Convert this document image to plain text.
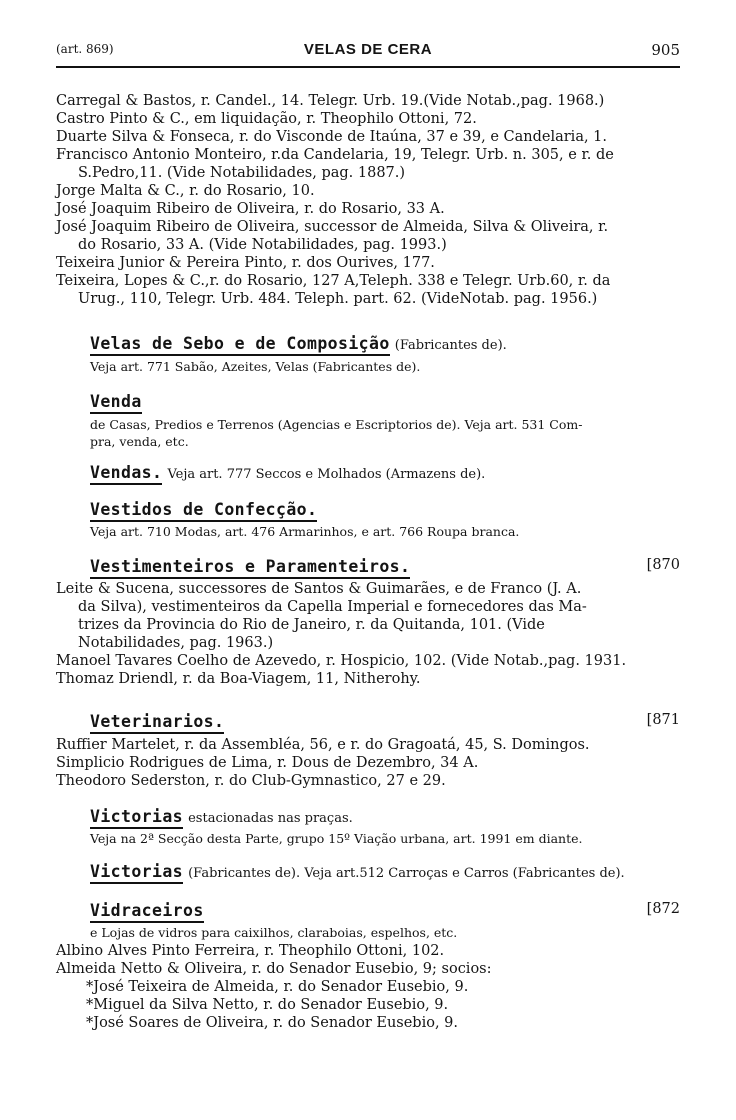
(art. 869)	VELAS DE CERA	905
Carregal & Bastos, r. Candel., 14. Telegr. Urb. 19.(Vide Notab.,pag. 1968.)
Castro Pinto & C., em liquidação, r. Theophilo Ottoni, 72.
Duarte Silva & Fonseca, r. do Visconde de Itaúna, 37 e 39, e Candelaria, 1.
Francisco Antonio Monteiro, r.da Candelaria, 19, Telegr. Urb. n. 305, e r. de
S.Pedro,11. (Vide Notabilidades, pag. 1887.)
Jorge Malta & C., r. do Rosario, 10.
José Joaquim Ribeiro de Oliveira, r. do Rosario, 33 A.
José Joaquim Ribeiro de Oliveira, successor de Almeida, Silva & Oliveira, r.
do Rosario, 33 A. (Vide Notabilidades, pag. 1993.)
Teixeira Junior & Pereira Pinto, r. dos Ourives, 177.
Teixeira, Lopes & C.,r. do Rosario, 127 A,Teleph. 338 e Telegr. Urb.60, r. da
Urug., 110, Telegr. Urb. 484. Teleph. part. 62. (VideNotab. pag. 1956.)
Velas de Sebo e de Composição (Fabricantes de).
Veja art. 771 Sabão, Azeites, Velas (Fabricantes de).
Venda
de Casas, Predios e Terrenos (Agencias e Escriptorios de). Veja art. 531 Com-
pra, venda, etc.
Vendas. Veja art. 777 Seccos e Molhados (Armazens de).
Vestidos de Confecção.
Veja art. 710 Modas, art. 476 Armarinhos, e art. 766 Roupa branca.
Vestimenteiros e Paramenteiros.	[870
Leite & Sucena, successores de Santos & Guimarães, e de Franco (J. A.
da Silva), vestimenteiros da Capella Imperial e fornecedores das Ma-
trizes da Provincia do Rio de Janeiro, r. da Quitanda, 101. (Vide
Notabilidades, pag. 1963.)
Manoel Tavares Coelho de Azevedo, r. Hospicio, 102. (Vide Notab.,pag. 1931.
Thomaz Driendl, r. da Boa-Viagem, 11, Nitherohy.
Veterinarios.	[871
Ruffier Martelet, r. da Assembléa, 56, e r. do Gragoatá, 45, S. Domingos.
Simplicio Rodrigues de Lima, r. Dous de Dezembro, 34 A.
Theodoro Sederston, r. do Club-Gymnastico, 27 e 29.
Victorias estacionadas nas praças.
Veja na 2ª Secção desta Parte, grupo 15º Viação urbana, art. 1991 em diante.
Victorias (Fabricantes de). Veja art.512 Carroças e Carros (Fabricantes de).
Vidraceiros	[872
e Lojas de vidros para caixilhos, claraboias, espelhos, etc.
Albino Alves Pinto Ferreira, r. Theophilo Ottoni, 102.
Almeida Netto & Oliveira, r. do Senador Eusebio, 9; socios:
*José Teixeira de Almeida, r. do Senador Eusebio, 9.
*Miguel da Silva Netto, r. do Senador Eusebio, 9.
*José Soares de Oliveira, r. do Senador Eusebio, 9.
